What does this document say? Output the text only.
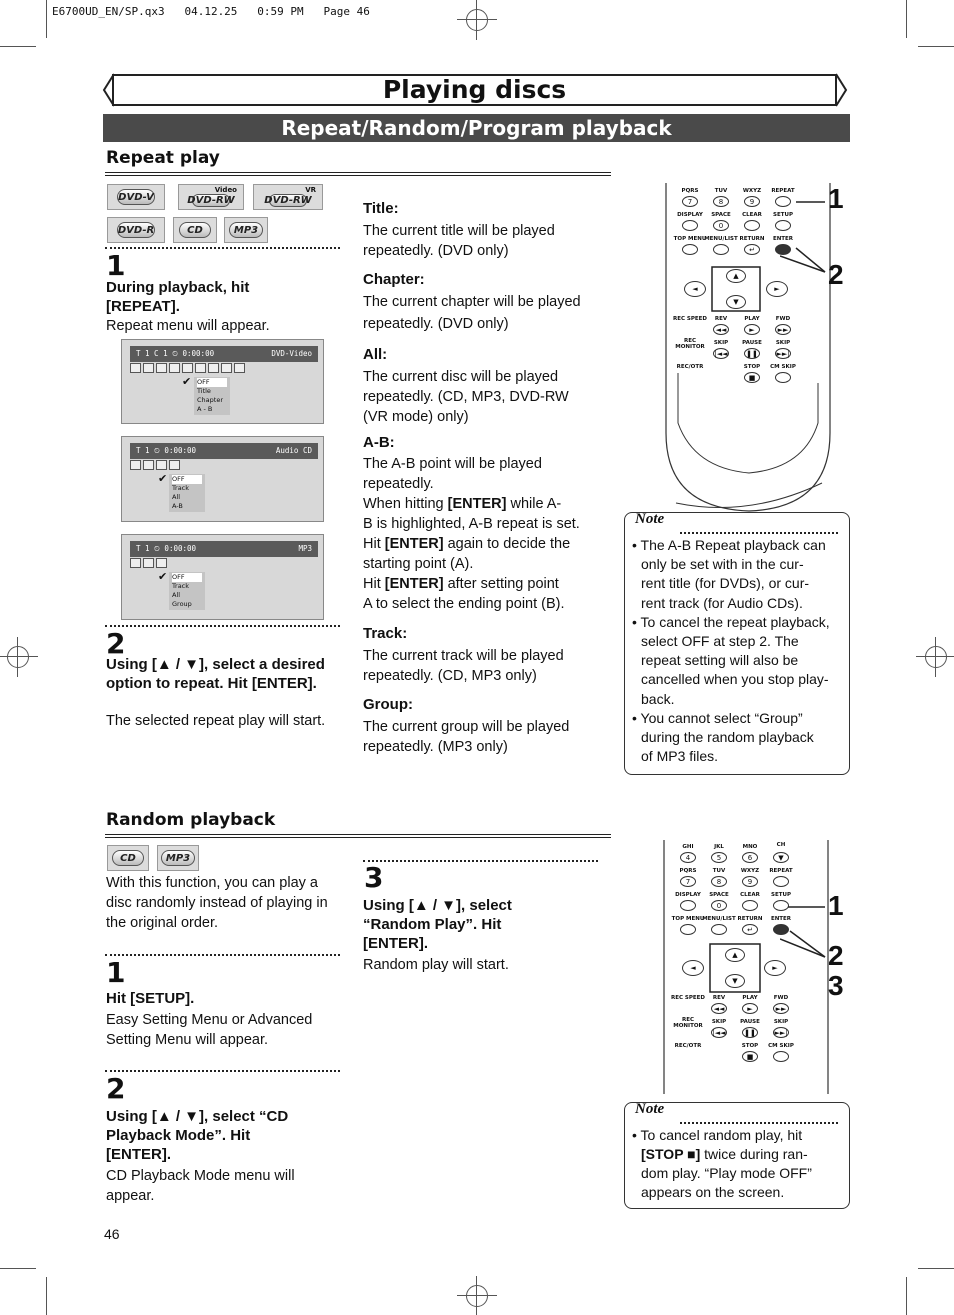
E6700UD_EN/SP.qx3   04.12.25   0:59 PM   Page 46
Playing discs
Repeat/Random/Program playback
Repeat play
DVD-V
Video
DVD-RW
VR
DVD-RW
DVD-R	CD	MP3
1
During playback, hit [REPEAT].
Repeat menu will appear.
T 1 C 1 ⏲ 0:00:00	DVD-Video
✔ OFF
Title
Chapter
A - B
T 1 ⏲ 0:00:00	Audio CD
✔ OFF
Track
All
A-B
T 1 ⏲ 0:00:00	MP3
✔ OFF
Track
All
Group
2
Using [▲ / ▼], select a desired option to repeat. Hit [ENTER].
The selected repeat play will start.
Title:
The current title will be played repeatedly. (DVD only)
Chapter:
The current chapter will be played repeatedly. (DVD only)
All:
The current disc will be played repeatedly. (CD, MP3, DVD-RW (VR mode) only)
A-B:
The A-B point will be played repeatedly.
When hitting [ENTER] while A-
B is highlighted, A-B repeat is set.
Hit [ENTER] again to decide the
starting point (A).
Hit [ENTER] after setting point
A to select the ending point (B).
Track:
The current track will be played repeatedly. (CD, MP3 only)
Group:
The current group will be played repeatedly. (MP3 only)
PQRS	TUV	WXYZ	REPEAT
7	8	9
DISPLAY	SPACE	CLEAR	SETUP
0
TOP MENU
MENU/LIST RETURN	ENTER
↵
▲
▼
◄	►
REC SPEED	REV	PLAY	FWD
◄◄	►	►►
REC MONITOR
SKIP	PAUSE	SKIP
|◄◄	❚❚	►►|
REC/OTR	STOP	CM SKIP
■
1
2
Note
• The A-B Repeat playback can
only be set with in the cur-
rent title (for DVDs), or cur-
rent track (for Audio CDs).
• To cancel the repeat playback,
select OFF at step 2. The
repeat setting will also be
cancelled when you stop play-
back.
• You cannot select “Group”
during the random playback
of MP3 files.
Random playback
CD	MP3
With this function, you can play a
disc randomly instead of playing in
the original order.
1
Hit [SETUP].
Easy Setting Menu or Advanced
Setting Menu will appear.
2
Using [▲ / ▼], select “CD
Playback Mode”. Hit
[ENTER].
CD Playback Mode menu will
appear.
3
Using [▲ / ▼], select
“Random Play”. Hit
[ENTER].
Random play will start.
GHI	JKL	MNO	CH
4	5	6	▼
PQRS	TUV	WXYZ	REPEAT
7	8	9
DISPLAY	SPACE	CLEAR	SETUP
0
TOP MENU
MENU/LIST RETURN	ENTER
↵
▲
▼
◄	►
REC SPEED	REV	PLAY	FWD
◄◄	►	►►
REC MONITOR
SKIP	PAUSE	SKIP
|◄◄	❚❚	►►|
REC/OTR	STOP	CM SKIP
■
1
2
3
Note
• To cancel random play, hit
[STOP ■] twice during ran-
dom play. “Play mode OFF”
appears on the screen.
46
